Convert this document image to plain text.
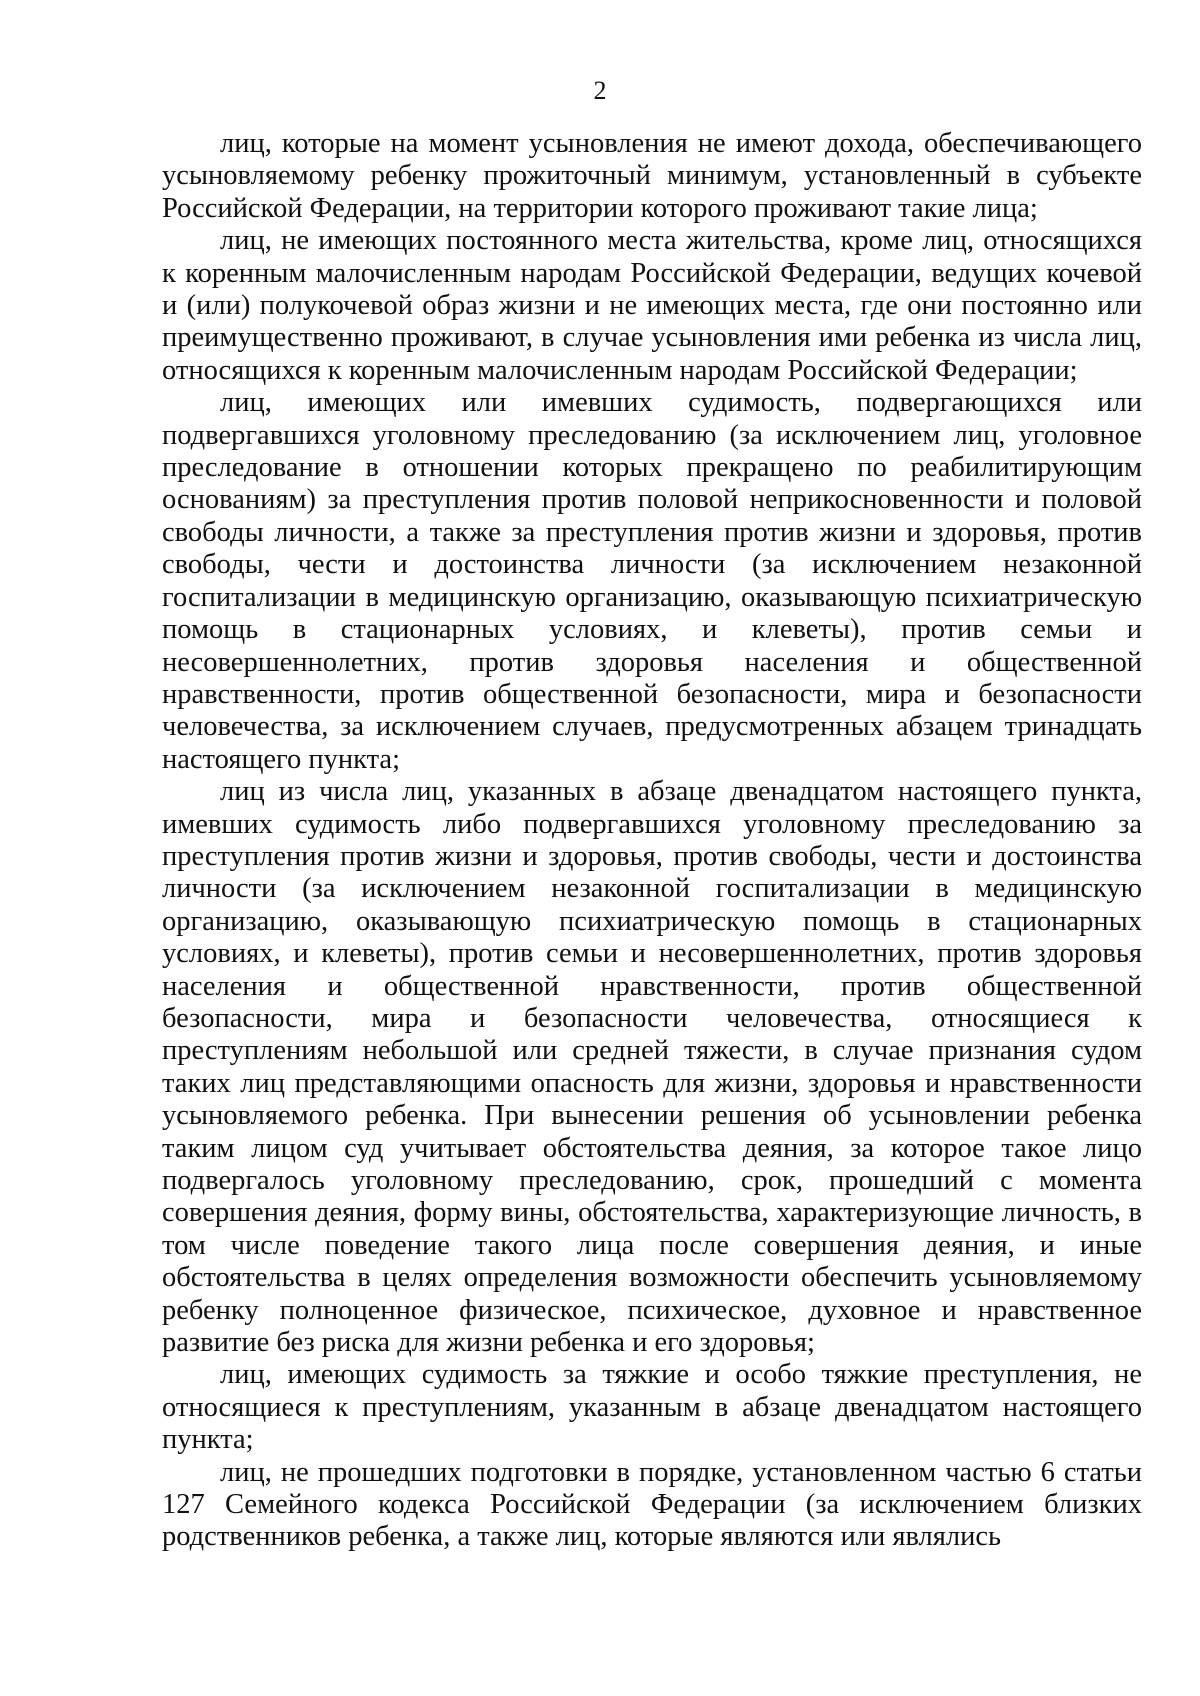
2

лиц, которые на момент усыновления не имеют дохода, обеспечивающего усыновляемому ребенку прожиточный минимум, установленный в субъекте Российской Федерации, на территории которого проживают такие лица;

лиц, не имеющих постоянного места жительства, кроме лиц, относящихся к коренным малочисленным народам Российской Федерации, ведущих кочевой и (или) полукочевой образ жизни и не имеющих места, где они постоянно или преимущественно проживают, в случае усыновления ими ребенка из числа лиц, относящихся к коренным малочисленным народам Российской Федерации;

лиц, имеющих или имевших судимость, подвергающихся или подвергавшихся уголовному преследованию (за исключением лиц, уголовное преследование в отношении которых прекращено по реабилитирующим основаниям) за преступления против половой неприкосновенности и половой свободы личности, а также за преступления против жизни и здоровья, против свободы, чести и достоинства личности (за исключением незаконной госпитализации в медицинскую организацию, оказывающую психиатрическую помощь в стационарных условиях, и клеветы), против семьи и несовершеннолетних, против здоровья населения и общественной нравственности, против общественной безопасности, мира и безопасности человечества, за исключением случаев, предусмотренных абзацем тринадцать настоящего пункта;

лиц из числа лиц, указанных в абзаце двенадцатом настоящего пункта, имевших судимость либо подвергавшихся уголовному преследованию за преступления против жизни и здоровья, против свободы, чести и достоинства личности (за исключением незаконной госпитализации в медицинскую организацию, оказывающую психиатрическую помощь в стационарных условиях, и клеветы), против семьи и несовершеннолетних, против здоровья населения и общественной нравственности, против общественной безопасности, мира и безопасности человечества, относящиеся к преступлениям небольшой или средней тяжести, в случае признания судом таких лиц представляющими опасность для жизни, здоровья и нравственности усыновляемого ребенка. При вынесении решения об усыновлении ребенка таким лицом суд учитывает обстоятельства деяния, за которое такое лицо подвергалось уголовному преследованию, срок, прошедший с момента совершения деяния, форму вины, обстоятельства, характеризующие личность, в том числе поведение такого лица после совершения деяния, и иные обстоятельства в целях определения возможности обеспечить усыновляемому ребенку полноценное физическое, психическое, духовное и нравственное развитие без риска для жизни ребенка и его здоровья;

лиц, имеющих судимость за тяжкие и особо тяжкие преступления, не относящиеся к преступлениям, указанным в абзаце двенадцатом настоящего пункта;

лиц, не прошедших подготовки в порядке, установленном частью 6 статьи 127 Семейного кодекса Российской Федерации (за исключением близких родственников ребенка, а также лиц, которые являются или являлись
